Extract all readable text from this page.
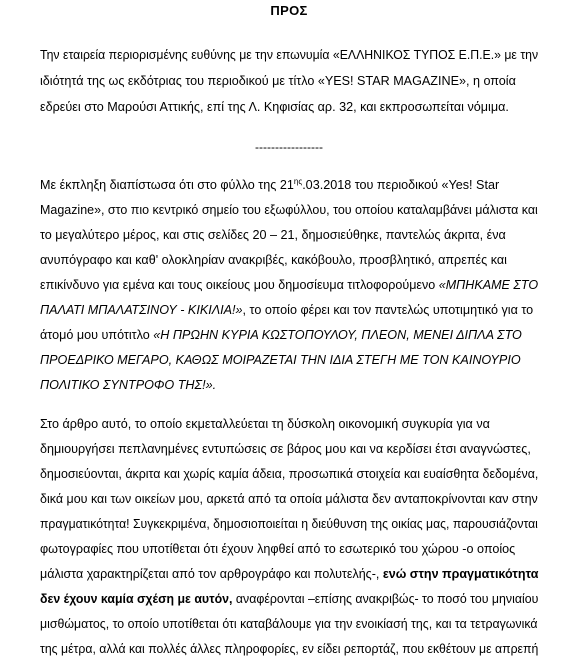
ΠΡΟΣ

Την εταιρεία περιορισμένης ευθύνης με την επωνυμία «ΕΛΛΗΝΙΚΟΣ ΤΥΠΟΣ Ε.Π.Ε.» με την

ιδιότητά της ως εκδότριας του περιοδικού με τίτλο «YES! STAR MAGAZINE», η οποία

εδρεύει στο Μαρούσι Αττικής, επί της Λ. Κηφισίας αρ. 32, και εκπροσωπείται νόμιμα.

-----------------

Με έκπληξη διαπίστωσα ότι στο φύλλο της $21^{\eta\varsigma}.03.2018$ του περιοδικού «Yes! Star

Magazine», στο πιο κεντρικό σημείο του εξωφύλλου, του οποίου καταλαμβάνει μάλιστα και

το μεγαλύτερο μέρος, και στις σελίδες 20 – 21, δημοσιεύθηκε, παντελώς άκριτα, ένα

ανυπόγραφο και καθ' ολοκληρίαν ανακριβές, κακόβουλο, προσβλητικό, απρεπές και

επικίνδυνο για εμένα και τους οικείους μου δημοσίευμα τιτλοφορούμενο «ΜΠΗΚΑΜΕ ΣΤΟ

ΠΑΛΑΤΙ ΜΠΑΛΑΤΣΙΝΟΥ - ΚΙΚΙΛΙΑ!», το οποίο φέρει και τον παντελώς υποτιμητικό για το

άτομό μου υπότιτλο «Η ΠΡΩΗΝ ΚΥΡΙΑ ΚΩΣΤΟΠΟΥΛΟΥ, ΠΛΕΟΝ, ΜΕΝΕΙ ΔΙΠΛΑ ΣΤΟ

ΠΡΟΕΔΡΙΚΟ ΜΕΓΑΡΟ, ΚΑΘΩΣ ΜΟΙΡΑΖΕΤΑΙ ΤΗΝ ΙΔΙΑ ΣΤΕΓΗ ΜΕ ΤΟΝ ΚΑΙΝΟΥΡΙΟ

ΠΟΛΙΤΙΚΟ ΣΥΝΤΡΟΦΟ ΤΗΣ!».

Στο άρθρο αυτό, το οποίο εκμεταλλεύεται τη δύσκολη οικονομική συγκυρία για να

δημιουργήσει πεπλανημένες εντυπώσεις σε βάρος μου και να κερδίσει έτσι αναγνώστες,

δημοσιεύονται, άκριτα και χωρίς καμία άδεια, προσωπικά στοιχεία και ευαίσθητα δεδομένα,

δικά μου και των οικείων μου, αρκετά από τα οποία μάλιστα δεν ανταποκρίνονται καν στην

πραγματικότητα! Συγκεκριμένα, δημοσιοποιείται η διεύθυνση της οικίας μας, παρουσιάζονται

φωτογραφίες που υποτίθεται ότι έχουν ληφθεί από το εσωτερικό του χώρου -ο οποίος

μάλιστα χαρακτηρίζεται από τον αρθρογράφο και πολυτελής-, ενώ στην πραγματικότητα

δεν έχουν καμία σχέση με αυτόν, αναφέρονται –επίσης ανακριβώς- το ποσό του μηνιαίου

μισθώματος, το οποίο υποτίθεται ότι καταβάλουμε για την ενοικίασή της, και τα τετραγωνικά

της μέτρα, αλλά και πολλές άλλες πληροφορίες, εν είδει ρεπορτάζ, που εκθέτουν με απρεπή
